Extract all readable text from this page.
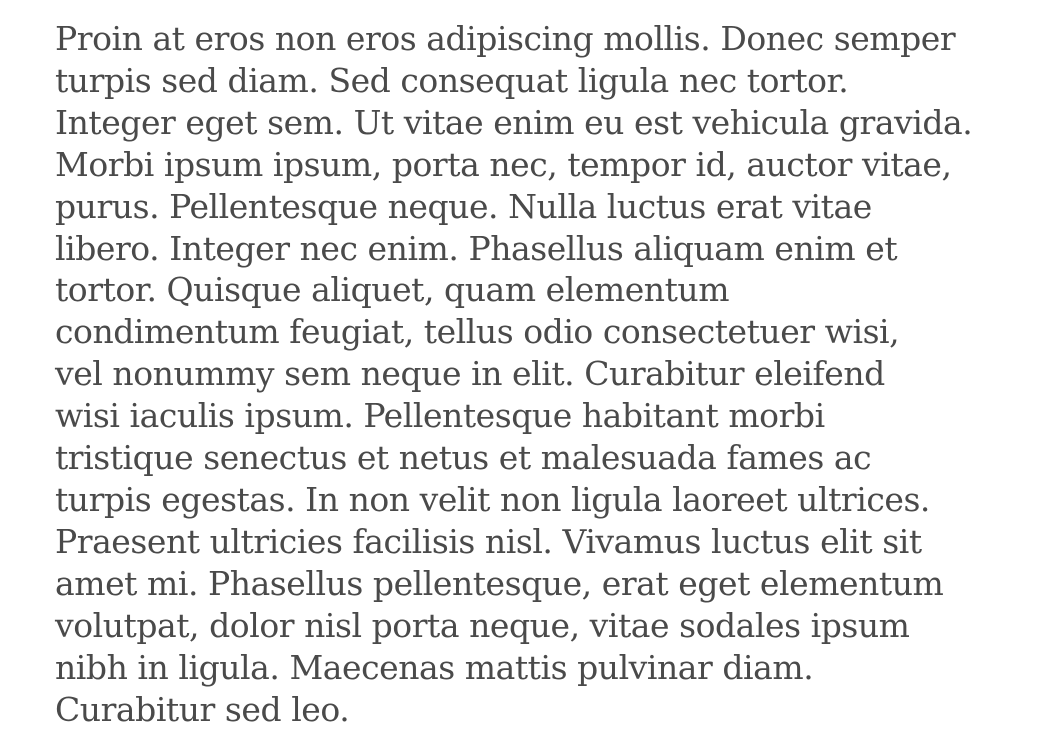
Proin at eros non eros adipiscing mollis. Donec semper
turpis sed diam. Sed consequat ligula nec tortor.
Integer eget sem. Ut vitae enim eu est vehicula gravida.
Morbi ipsum ipsum, porta nec, tempor id, auctor vitae,
purus. Pellentesque neque. Nulla luctus erat vitae
libero. Integer nec enim. Phasellus aliquam enim et
tortor. Quisque aliquet, quam elementum
condimentum feugiat, tellus odio consectetuer wisi,
vel nonummy sem neque in elit. Curabitur eleifend
wisi iaculis ipsum. Pellentesque habitant morbi
tristique senectus et netus et malesuada fames ac
turpis egestas. In non velit non ligula laoreet ultrices.
Praesent ultricies facilisis nisl. Vivamus luctus elit sit
amet mi. Phasellus pellentesque, erat eget elementum
volutpat, dolor nisl porta neque, vitae sodales ipsum
nibh in ligula. Maecenas mattis pulvinar diam.
Curabitur sed leo.
